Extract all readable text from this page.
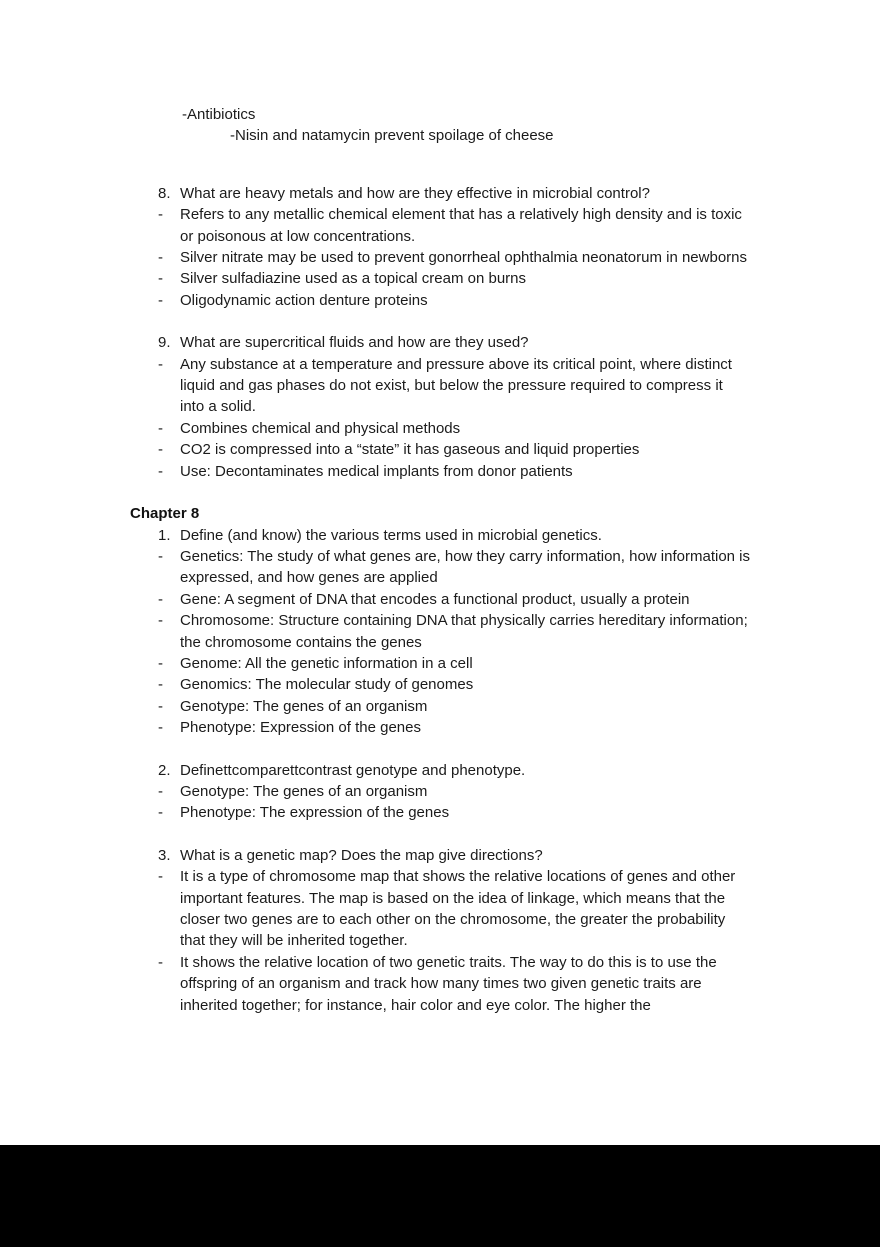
-Antibiotics
-Nisin and natamycin prevent spoilage of cheese
8. What are heavy metals and how are they effective in microbial control?
-	Refers to any metallic chemical element that has a relatively high density and is toxic or poisonous at low concentrations.
-	Silver nitrate may be used to prevent gonorrheal ophthalmia neonatorum in newborns
-	Silver sulfadiazine used as a topical cream on burns
-	Oligodynamic action denture proteins
9. What are supercritical fluids and how are they used?
-	Any substance at a temperature and pressure above its critical point, where distinct liquid and gas phases do not exist, but below the pressure required to compress it into a solid.
-	Combines chemical and physical methods
-	CO2 is compressed into a “state” it has gaseous and liquid properties
-	Use: Decontaminates medical implants from donor patients
Chapter 8
1. Define (and know) the various terms used in microbial genetics.
-	Genetics: The study of what genes are, how they carry information, how information is expressed, and how genes are applied
-	Gene: A segment of DNA that encodes a functional product, usually a protein
-	Chromosome: Structure containing DNA that physically carries hereditary information; the chromosome contains the genes
-	Genome: All the genetic information in a cell
-	Genomics: The molecular study of genomes
-	Genotype: The genes of an organism
-	Phenotype: Expression of the genes
2. Definettcomparettcontrast genotype and phenotype.
-	Genotype: The genes of an organism
-	Phenotype: The expression of the genes
3. What is a genetic map? Does the map give directions?
-	It is a type of chromosome map that shows the relative locations of genes and other important features. The map is based on the idea of linkage, which means that the closer two genes are to each other on the chromosome, the greater the probability that they will be inherited together.
-	It shows the relative location of two genetic traits. The way to do this is to use the offspring of an organism and track how many times two given genetic traits are inherited together; for instance, hair color and eye color. The higher the
